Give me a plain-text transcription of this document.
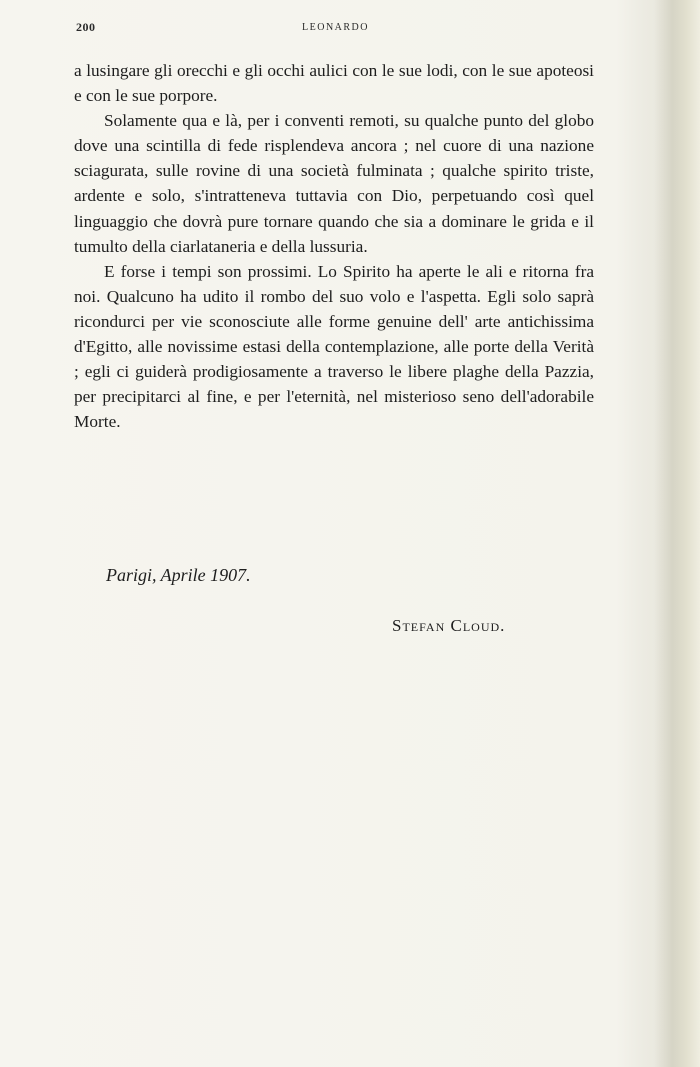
200	LEONARDO

a lusingare gli orecchi e gli occhi aulici con le sue lodi, con le sue apoteosi e con le sue porpore.

Solamente qua e là, per i conventi remoti, su qualche punto del globo dove una scintilla di fede risplendeva ancora ; nel cuore di una nazione sciagurata, sulle rovine di una società fulminata ; qualche spirito triste, ardente e solo, s'intratteneva tuttavia con Dio, perpetuando così quel linguaggio che dovrà pure tornare quando che sia a dominare le grida e il tumulto della ciarlataneria e della lussuria.

E forse i tempi son prossimi. Lo Spirito ha aperte le ali e ritorna fra noi. Qualcuno ha udito il rombo del suo volo e l'aspetta. Egli solo saprà ricondurci per vie sconosciute alle forme genuine dell' arte antichissima d'Egitto, alle novissime estasi della contemplazione, alle porte della Verità ; egli ci guiderà prodigiosamente a traverso le libere plaghe della Pazzia, per precipitarci al fine, e per l'eternità, nel misterioso seno dell'adorabile Morte.

Parigi, Aprile 1907.
Stefan Cloud.
